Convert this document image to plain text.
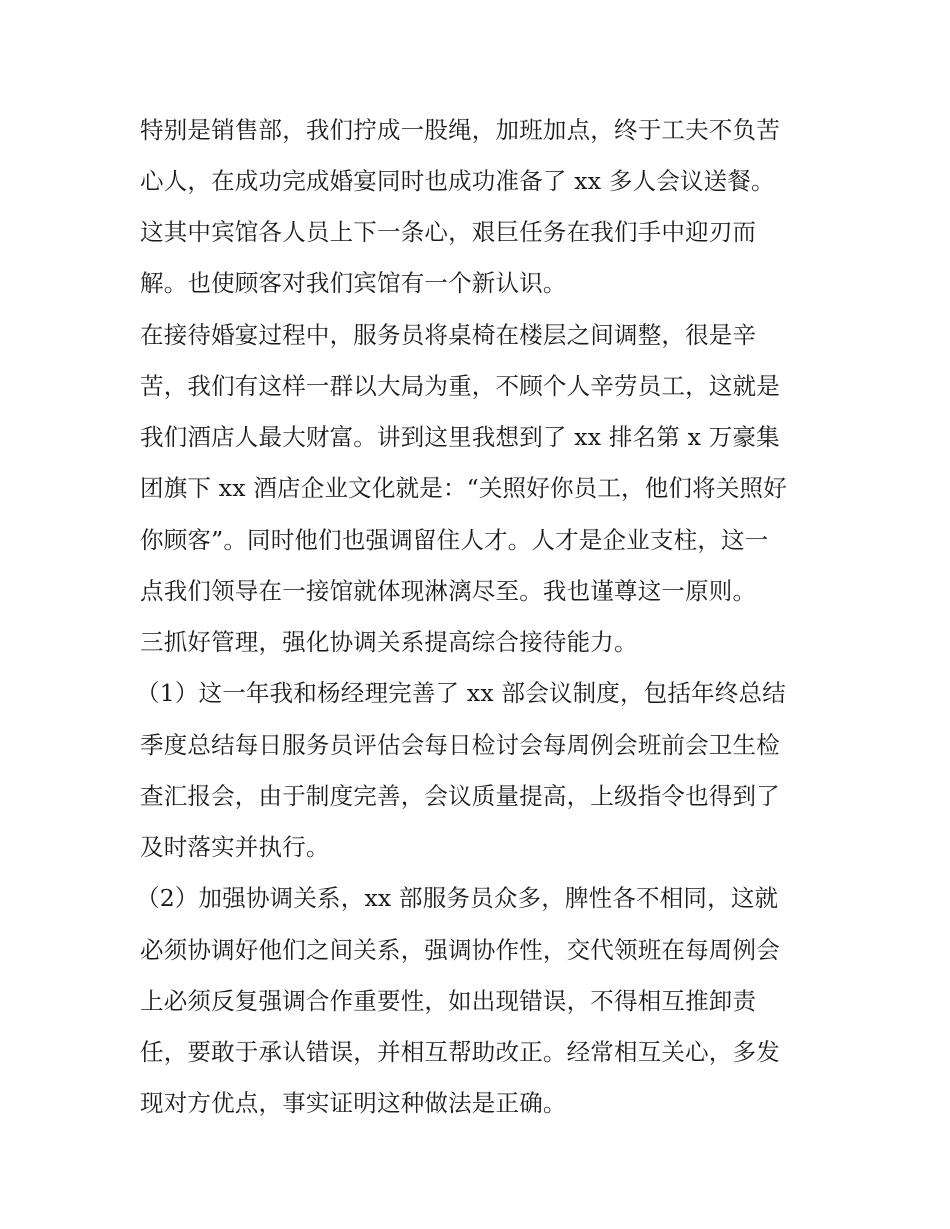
特别是销售部，我们拧成一股绳，加班加点，终于工夫不负苦
心人，在成功完成婚宴同时也成功准备了 xx 多人会议送餐。
这其中宾馆各人员上下一条心，艰巨任务在我们手中迎刃而
解。也使顾客对我们宾馆有一个新认识。
在接待婚宴过程中，服务员将桌椅在楼层之间调整，很是辛
苦，我们有这样一群以大局为重，不顾个人辛劳员工，这就是
我们酒店人最大财富。讲到这里我想到了 xx 排名第 x 万豪集
团旗下 xx 酒店企业文化就是：“关照好你员工，他们将关照好
你顾客”。同时他们也强调留住人才。人才是企业支柱，这一
点我们领导在一接馆就体现淋漓尽至。我也谨尊这一原则。
三抓好管理，强化协调关系提高综合接待能力。
（1）这一年我和杨经理完善了 xx 部会议制度，包括年终总结
季度总结每日服务员评估会每日检讨会每周例会班前会卫生检
查汇报会，由于制度完善，会议质量提高，上级指令也得到了
及时落实并执行。
（2）加强协调关系，xx 部服务员众多，脾性各不相同，这就
必须协调好他们之间关系，强调协作性，交代领班在每周例会
上必须反复强调合作重要性，如出现错误，不得相互推卸责
任，要敢于承认错误，并相互帮助改正。经常相互关心，多发
现对方优点，事实证明这种做法是正确。
